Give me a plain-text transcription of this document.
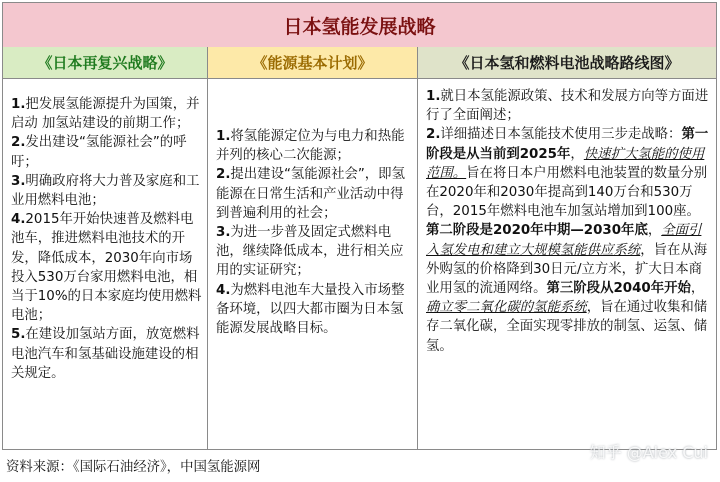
日本氢能发展战略
《日本再复兴战略》	《能源基本计划》	《日本氢和燃料电池战略路线图》

1.把发展氢能源提升为国策，并启动 加氢站建设的前期工作；

2.发出建设“氢能源社会”的呼吁；

3.明确政府将大力普及家庭和工业用燃料电池；

4.2015年开始快速普及燃料电池车，推进燃料电池技术的开发，降低成本，2030年向市场投入530万台家用燃料电池，相当于10%的日本家庭均使用燃料电池；

5.在建设加氢站方面，放宽燃料电池汽车和氢基础设施建设的相关规定。

1.将氢能源定位为与电力和热能并列的核心二次能源；

2.提出建设“氢能源社会”，即氢能源在日常生活和产业活动中得到普遍利用的社会；

3.为进一步普及固定式燃料电池，继续降低成本，进行相关应用的实证研究；

4.为燃料电池车大量投入市场整备环境，以四大都市圈为日本氢能源发展战略目标。

1.就日本氢能源政策、技术和发展方向等方面进行了全面阐述；

2.详细描述日本氢能技术使用三步走战略：第一阶段是从当前到2025年，快速扩大氢能的使用范围。旨在将日本户用燃料电池装置的数量分别在2020年和2030年提高到140万台和530万台，2015年燃料电池车加氢站增加到100座。第二阶段是2020年中期—2030年底，全面引入氢发电和建立大规模氢能供应系统，旨在从海外购氢的价格降到30日元/立方米，扩大日本商业用氢的流通网络。第三阶段从2040年开始，确立零二氧化碳的氢能系统，旨在通过收集和储存二氧化碳，全面实现零排放的制氢、运氢、储氢。

资料来源：《国际石油经济》，中国氢能源网
知乎 @Alex Cui
